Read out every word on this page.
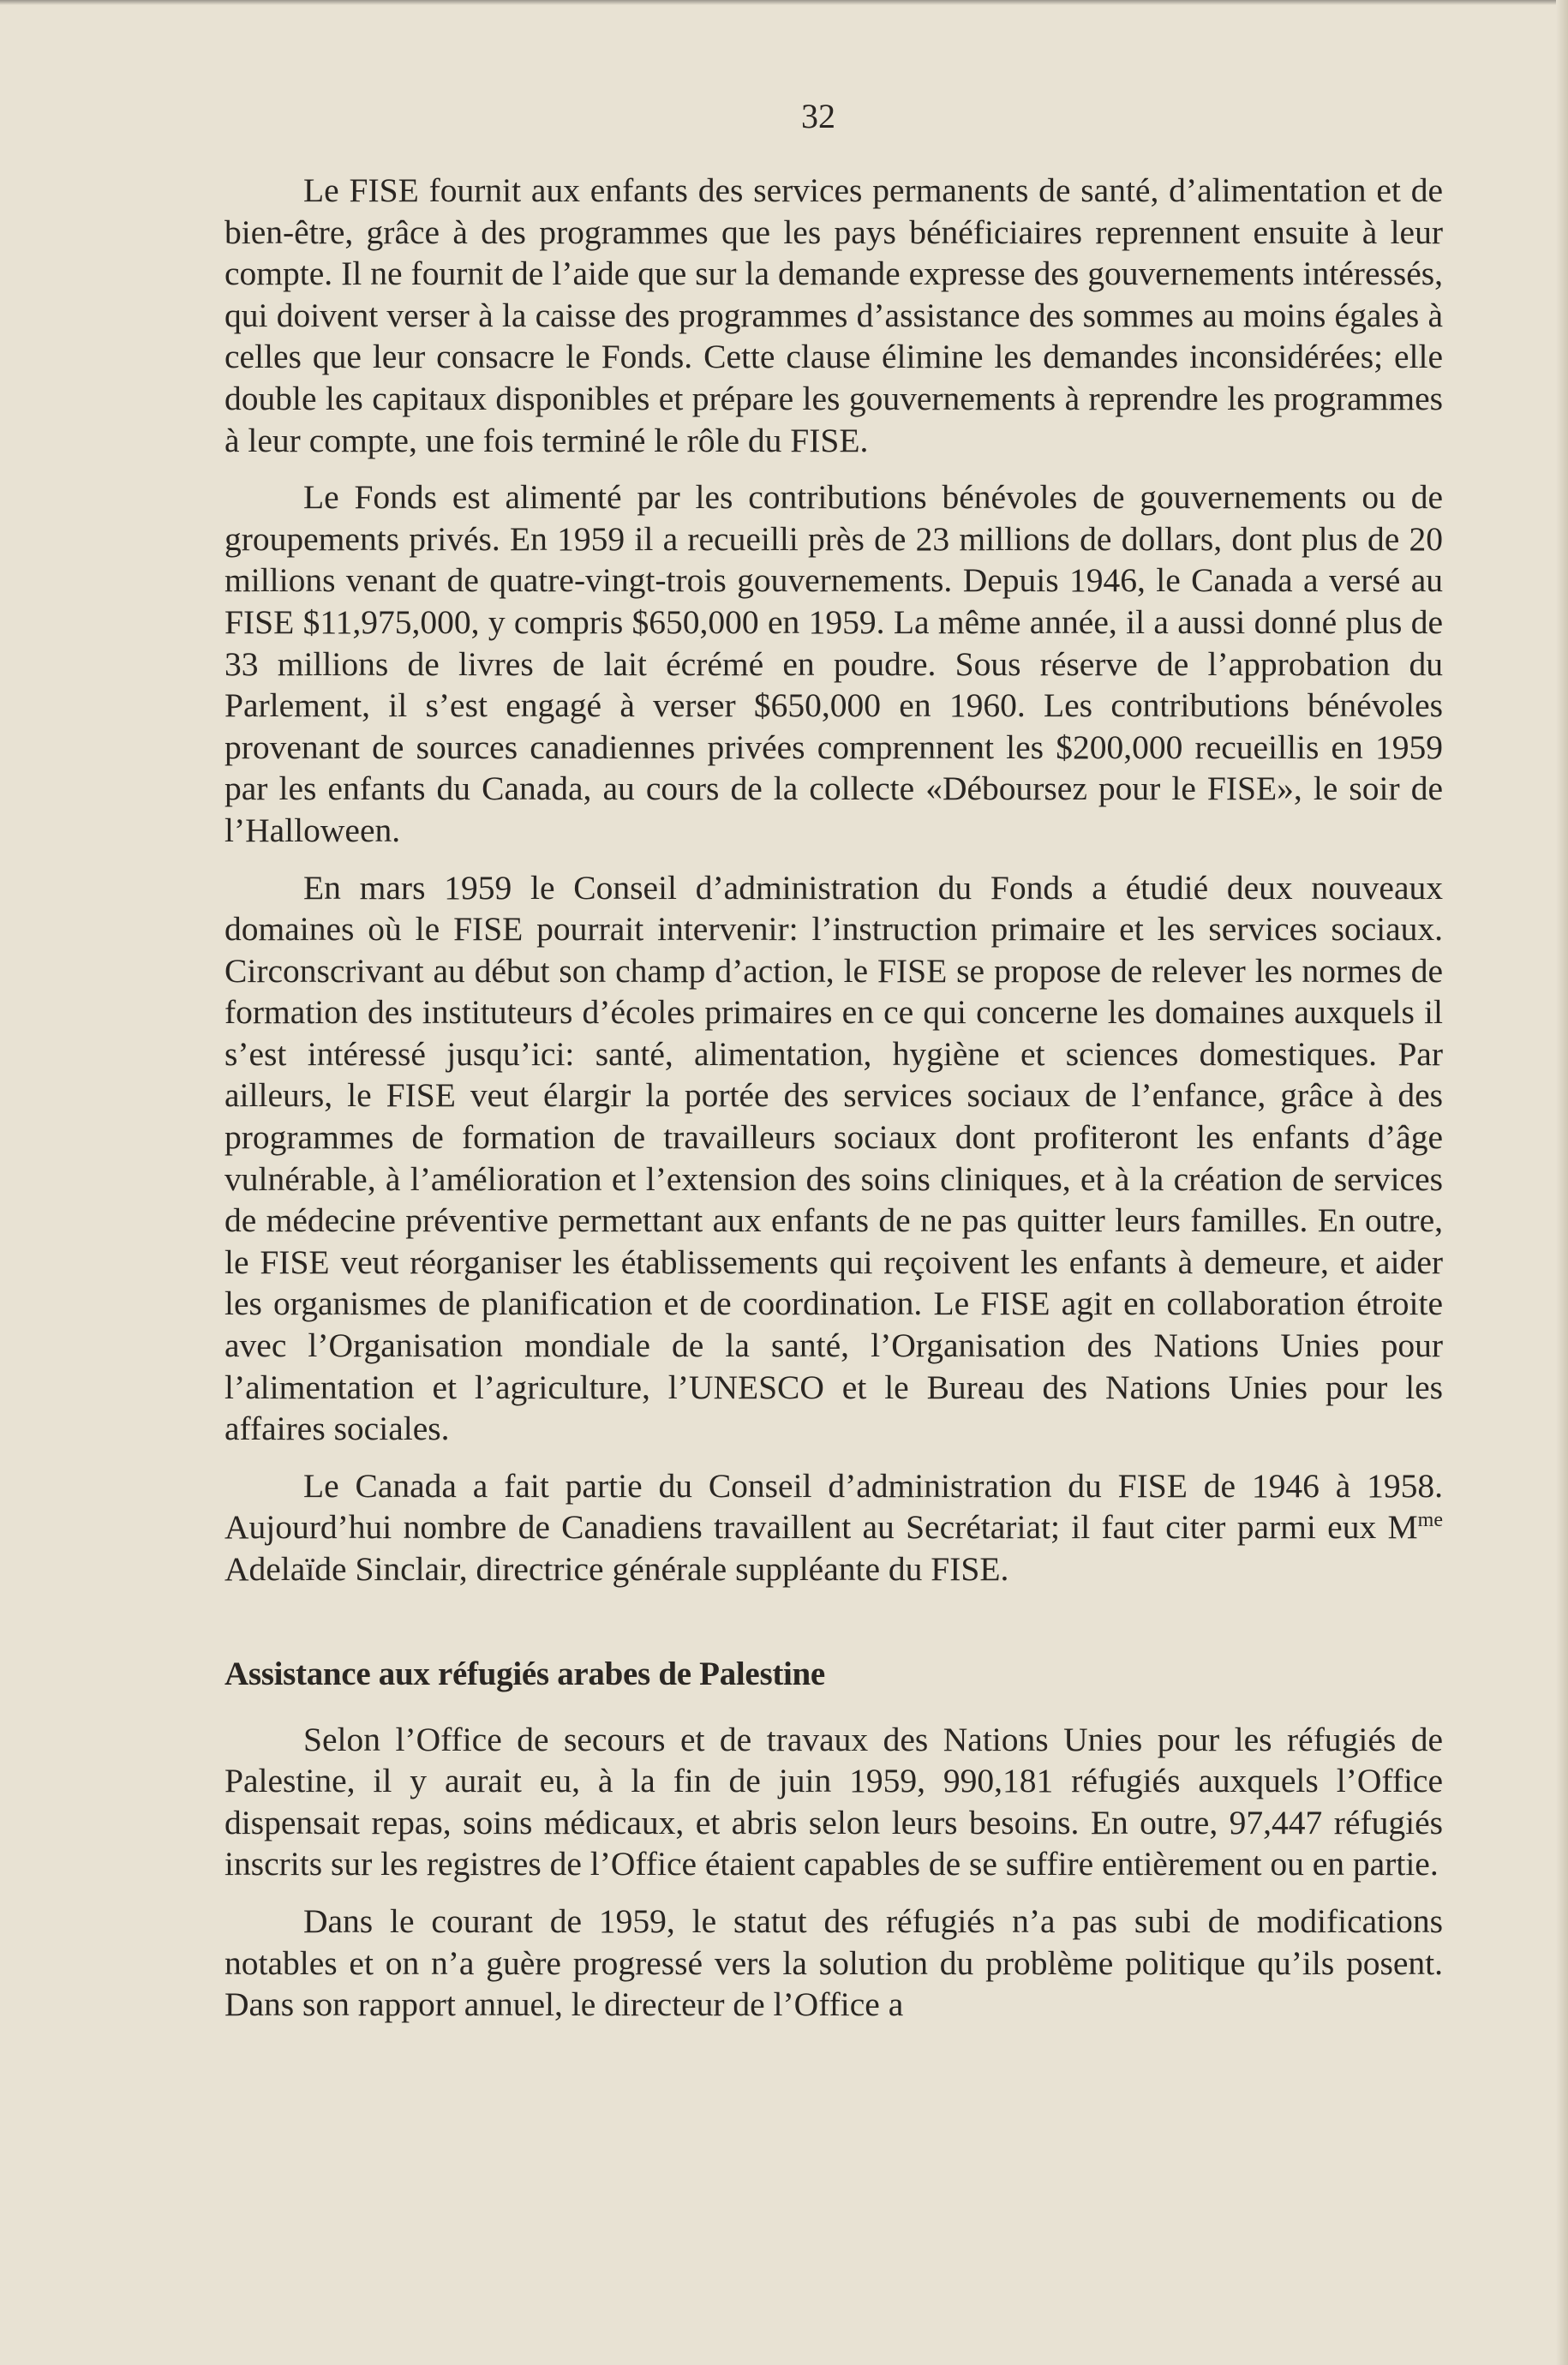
32

Le FISE fournit aux enfants des services permanents de santé, d’alimentation et de bien-être, grâce à des programmes que les pays bénéficiaires reprennent ensuite à leur compte. Il ne fournit de l’aide que sur la demande expresse des gouvernements intéressés, qui doivent verser à la caisse des programmes d’assistance des sommes au moins égales à celles que leur consacre le Fonds. Cette clause élimine les demandes inconsidérées; elle double les capitaux disponibles et prépare les gouvernements à reprendre les programmes à leur compte, une fois terminé le rôle du FISE.

Le Fonds est alimenté par les contributions bénévoles de gouvernements ou de groupements privés. En 1959 il a recueilli près de 23 millions de dollars, dont plus de 20 millions venant de quatre-vingt-trois gouvernements. Depuis 1946, le Canada a versé au FISE $11,975,000, y compris $650,000 en 1959. La même année, il a aussi donné plus de 33 millions de livres de lait écrémé en poudre. Sous réserve de l’approbation du Parlement, il s’est engagé à verser $650,000 en 1960. Les contributions bénévoles provenant de sources canadiennes privées comprennent les $200,000 recueillis en 1959 par les enfants du Canada, au cours de la collecte «Déboursez pour le FISE», le soir de l’Halloween.

En mars 1959 le Conseil d’administration du Fonds a étudié deux nouveaux domaines où le FISE pourrait intervenir: l’instruction primaire et les services sociaux. Circonscrivant au début son champ d’action, le FISE se propose de relever les normes de formation des instituteurs d’écoles primaires en ce qui concerne les domaines auxquels il s’est intéressé jusqu’ici: santé, alimentation, hygiène et sciences domestiques. Par ailleurs, le FISE veut élargir la portée des services sociaux de l’enfance, grâce à des programmes de formation de travailleurs sociaux dont profiteront les enfants d’âge vulnérable, à l’amélioration et l’extension des soins cliniques, et à la création de services de médecine préventive permettant aux enfants de ne pas quitter leurs familles. En outre, le FISE veut réorganiser les établissements qui reçoivent les enfants à demeure, et aider les organismes de planification et de coordination. Le FISE agit en collaboration étroite avec l’Organisation mondiale de la santé, l’Organisation des Nations Unies pour l’alimentation et l’agriculture, l’UNESCO et le Bureau des Nations Unies pour les affaires sociales.

Le Canada a fait partie du Conseil d’administration du FISE de 1946 à 1958. Aujourd’hui nombre de Canadiens travaillent au Secrétariat; il faut citer parmi eux $M^{me}$ Adelaïde Sinclair, directrice générale suppléante du FISE.

Assistance aux réfugiés arabes de Palestine

Selon l’Office de secours et de travaux des Nations Unies pour les réfugiés de Palestine, il y aurait eu, à la fin de juin 1959, 990,181 réfugiés auxquels l’Office dispensait repas, soins médicaux, et abris selon leurs besoins. En outre, 97,447 réfugiés inscrits sur les registres de l’Office étaient capables de se suffire entièrement ou en partie.

Dans le courant de 1959, le statut des réfugiés n’a pas subi de modifications notables et on n’a guère progressé vers la solution du problème politique qu’ils posent. Dans son rapport annuel, le directeur de l’Office a
